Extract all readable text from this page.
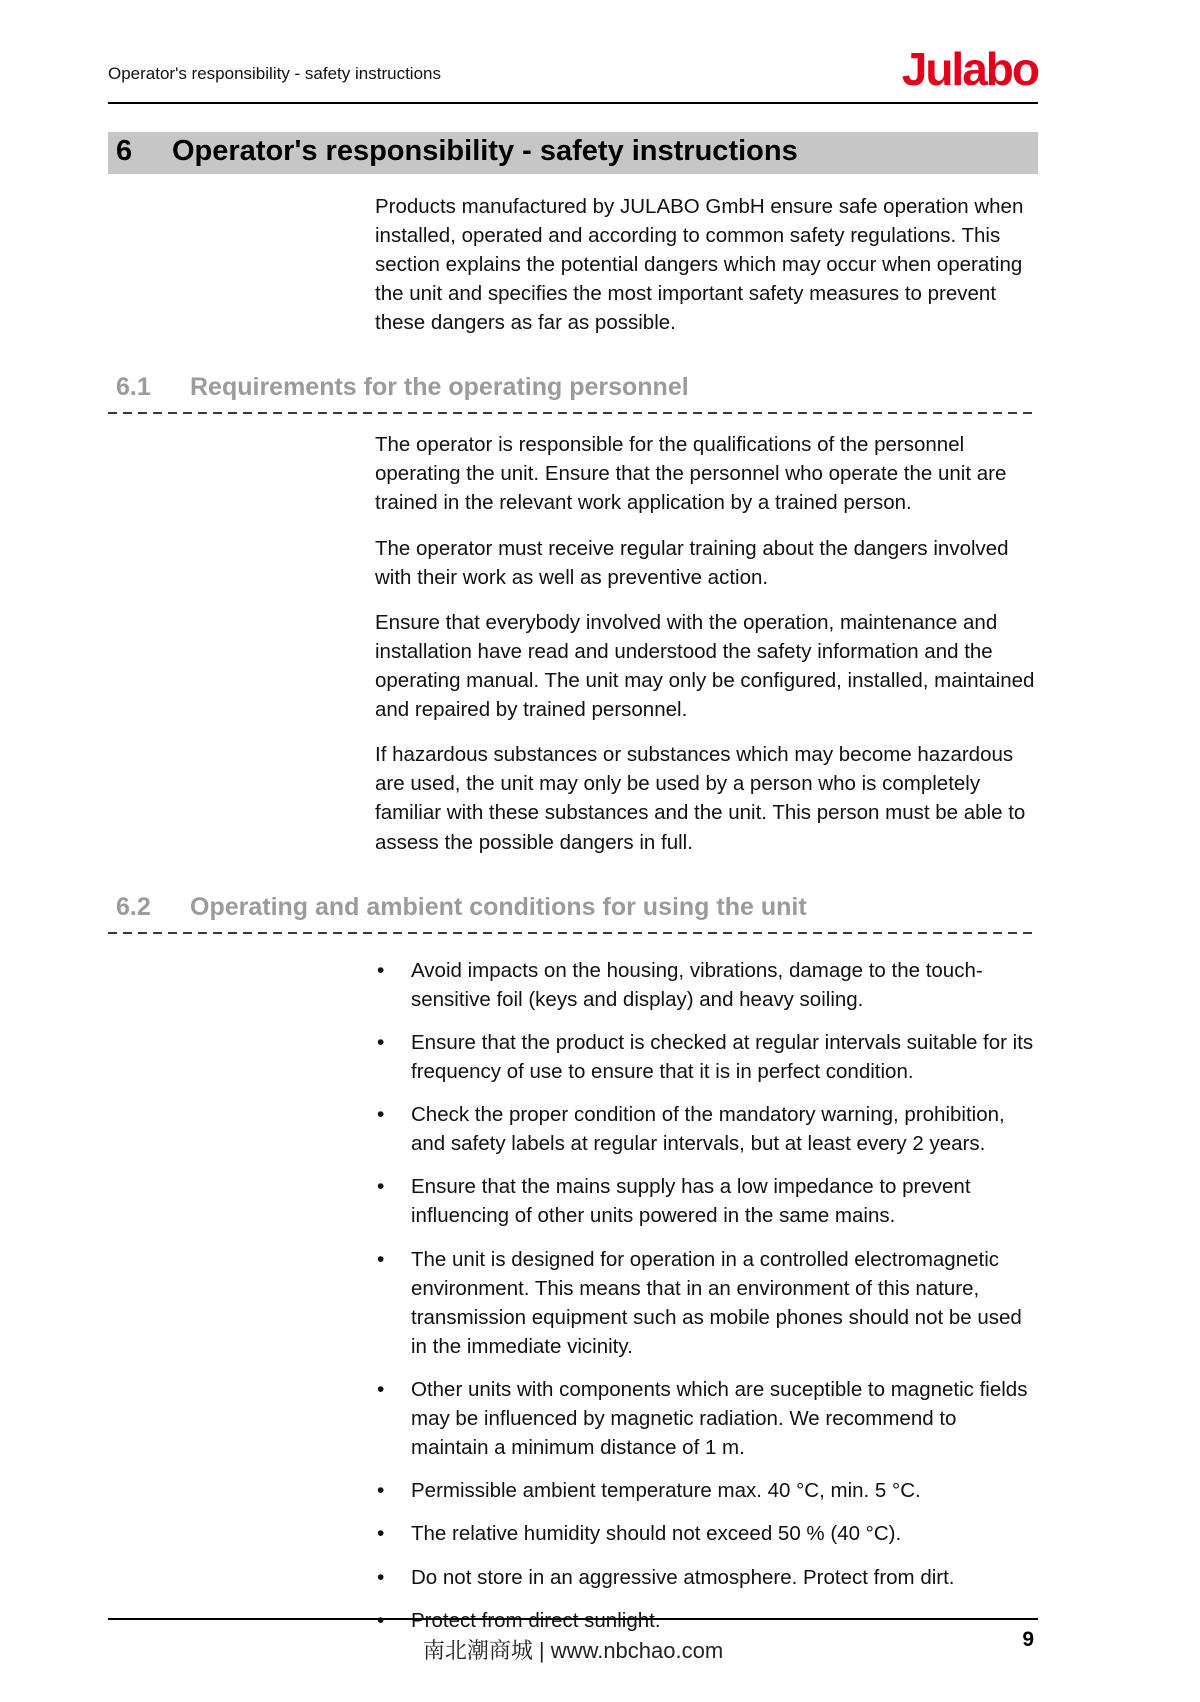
Operator's responsibility - safety instructions	Julabo
6	Operator's responsibility - safety instructions

Products manufactured by JULABO GmbH ensure safe operation when installed, operated and according to common safety regulations. This section explains the potential dangers which may occur when operating the unit and specifies the most important safety measures to prevent these dangers as far as possible.

6.1	Requirements for the operating personnel

The operator is responsible for the qualifications of the personnel operating the unit. Ensure that the personnel who operate the unit are trained in the relevant work application by a trained person.

The operator must receive regular training about the dangers involved with their work as well as preventive action.

Ensure that everybody involved with the operation, maintenance and installation have read and understood the safety information and the operating manual. The unit may only be configured, installed, maintained and repaired by trained personnel.

If hazardous substances or substances which may become hazardous are used, the unit may only be used by a person who is completely familiar with these substances and the unit. This person must be able to assess the possible dangers in full.

6.2	Operating and ambient conditions for using the unit
• Avoid impacts on the housing, vibrations, damage to the touch-sensitive foil (keys and display) and heavy soiling.
• Ensure that the product is checked at regular intervals suitable for its frequency of use to ensure that it is in perfect condition.
• Check the proper condition of the mandatory warning, prohibition, and safety labels at regular intervals, but at least every 2 years.
• Ensure that the mains supply has a low impedance to prevent influencing of other units powered in the same mains.
• The unit is designed for operation in a controlled electromagnetic environment. This means that in an environment of this nature, transmission equipment such as mobile phones should not be used in the immediate vicinity.
• Other units with components which are suceptible to magnetic fields may be influenced by magnetic radiation. We recommend to maintain a minimum distance of 1 m.
• Permissible ambient temperature max. 40 °C, min. 5 °C.
• The relative humidity should not exceed 50 % (40 °C).
• Do not store in an aggressive atmosphere. Protect from dirt.
• Protect from direct sunlight.
南北潮商城 | www.nbchao.com	9
